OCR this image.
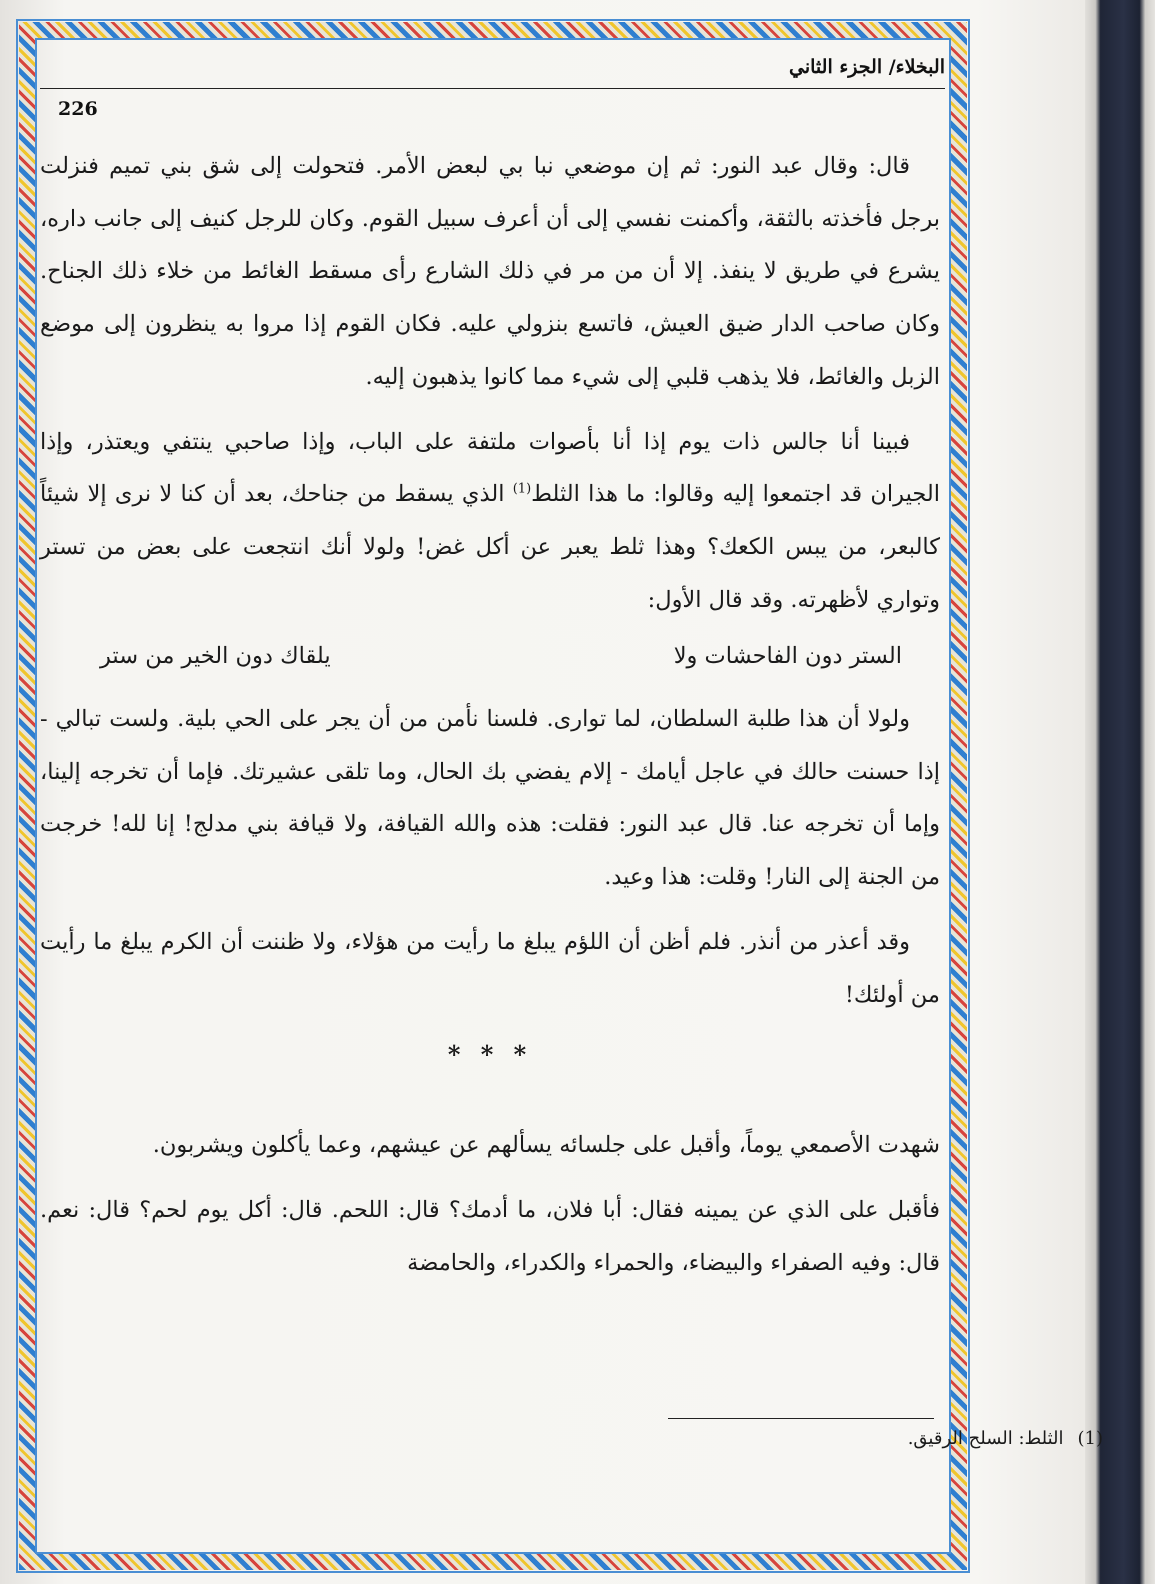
البخلاء/ الجزء الثاني
226

قال: وقال عبد النور: ثم إن موضعي نبا بي لبعض الأمر. فتحولت إلى شق بني تميم فنزلت برجل فأخذته بالثقة، وأكمنت نفسي إلى أن أعرف سبيل القوم. وكان للرجل كنيف إلى جانب داره، يشرع في طريق لا ينفذ. إلا أن من مر في ذلك الشارع رأى مسقط الغائط من خلاء ذلك الجناح. وكان صاحب الدار ضيق العيش، فاتسع بنزولي عليه. فكان القوم إذا مروا به ينظرون إلى موضع الزبل والغائط، فلا يذهب قلبي إلى شيء مما كانوا يذهبون إليه.

فبينا أنا جالس ذات يوم إذا أنا بأصوات ملتفة على الباب، وإذا صاحبي ينتفي ويعتذر، وإذا الجيران قد اجتمعوا إليه وقالوا: ما هذا الثلط$^{(1)}$ الذي يسقط من جناحك، بعد أن كنا لا نرى إلا شيئاً كالبعر، من يبس الكعك؟ وهذا ثلط يعبر عن أكل غض! ولولا أنك انتجعت على بعض من تستر وتواري لأظهرته. وقد قال الأول:

الستر دون الفاحشات ولا
يلقاك دون الخير من ستر

ولولا أن هذا طلبة السلطان، لما توارى. فلسنا نأمن من أن يجر على الحي بلية. ولست تبالي - إذا حسنت حالك في عاجل أيامك - إلام يفضي بك الحال، وما تلقى عشيرتك. فإما أن تخرجه إلينا، وإما أن تخرجه عنا. قال عبد النور: فقلت: هذه والله القيافة، ولا قيافة بني مدلج! إنا لله! خرجت من الجنة إلى النار! وقلت: هذا وعيد.

وقد أعذر من أنذر. فلم أظن أن اللؤم يبلغ ما رأيت من هؤلاء، ولا ظننت أن الكرم يبلغ ما رأيت من أولئك!

* * *

شهدت الأصمعي يوماً، وأقبل على جلسائه يسألهم عن عيشهم، وعما يأكلون ويشربون.

فأقبل على الذي عن يمينه فقال: أبا فلان، ما أدمك؟ قال: اللحم. قال: أكل يوم لحم؟ قال: نعم. قال: وفيه الصفراء والبيضاء، والحمراء والكدراء، والحامضة

(1)الثلط: السلح الرقيق.
